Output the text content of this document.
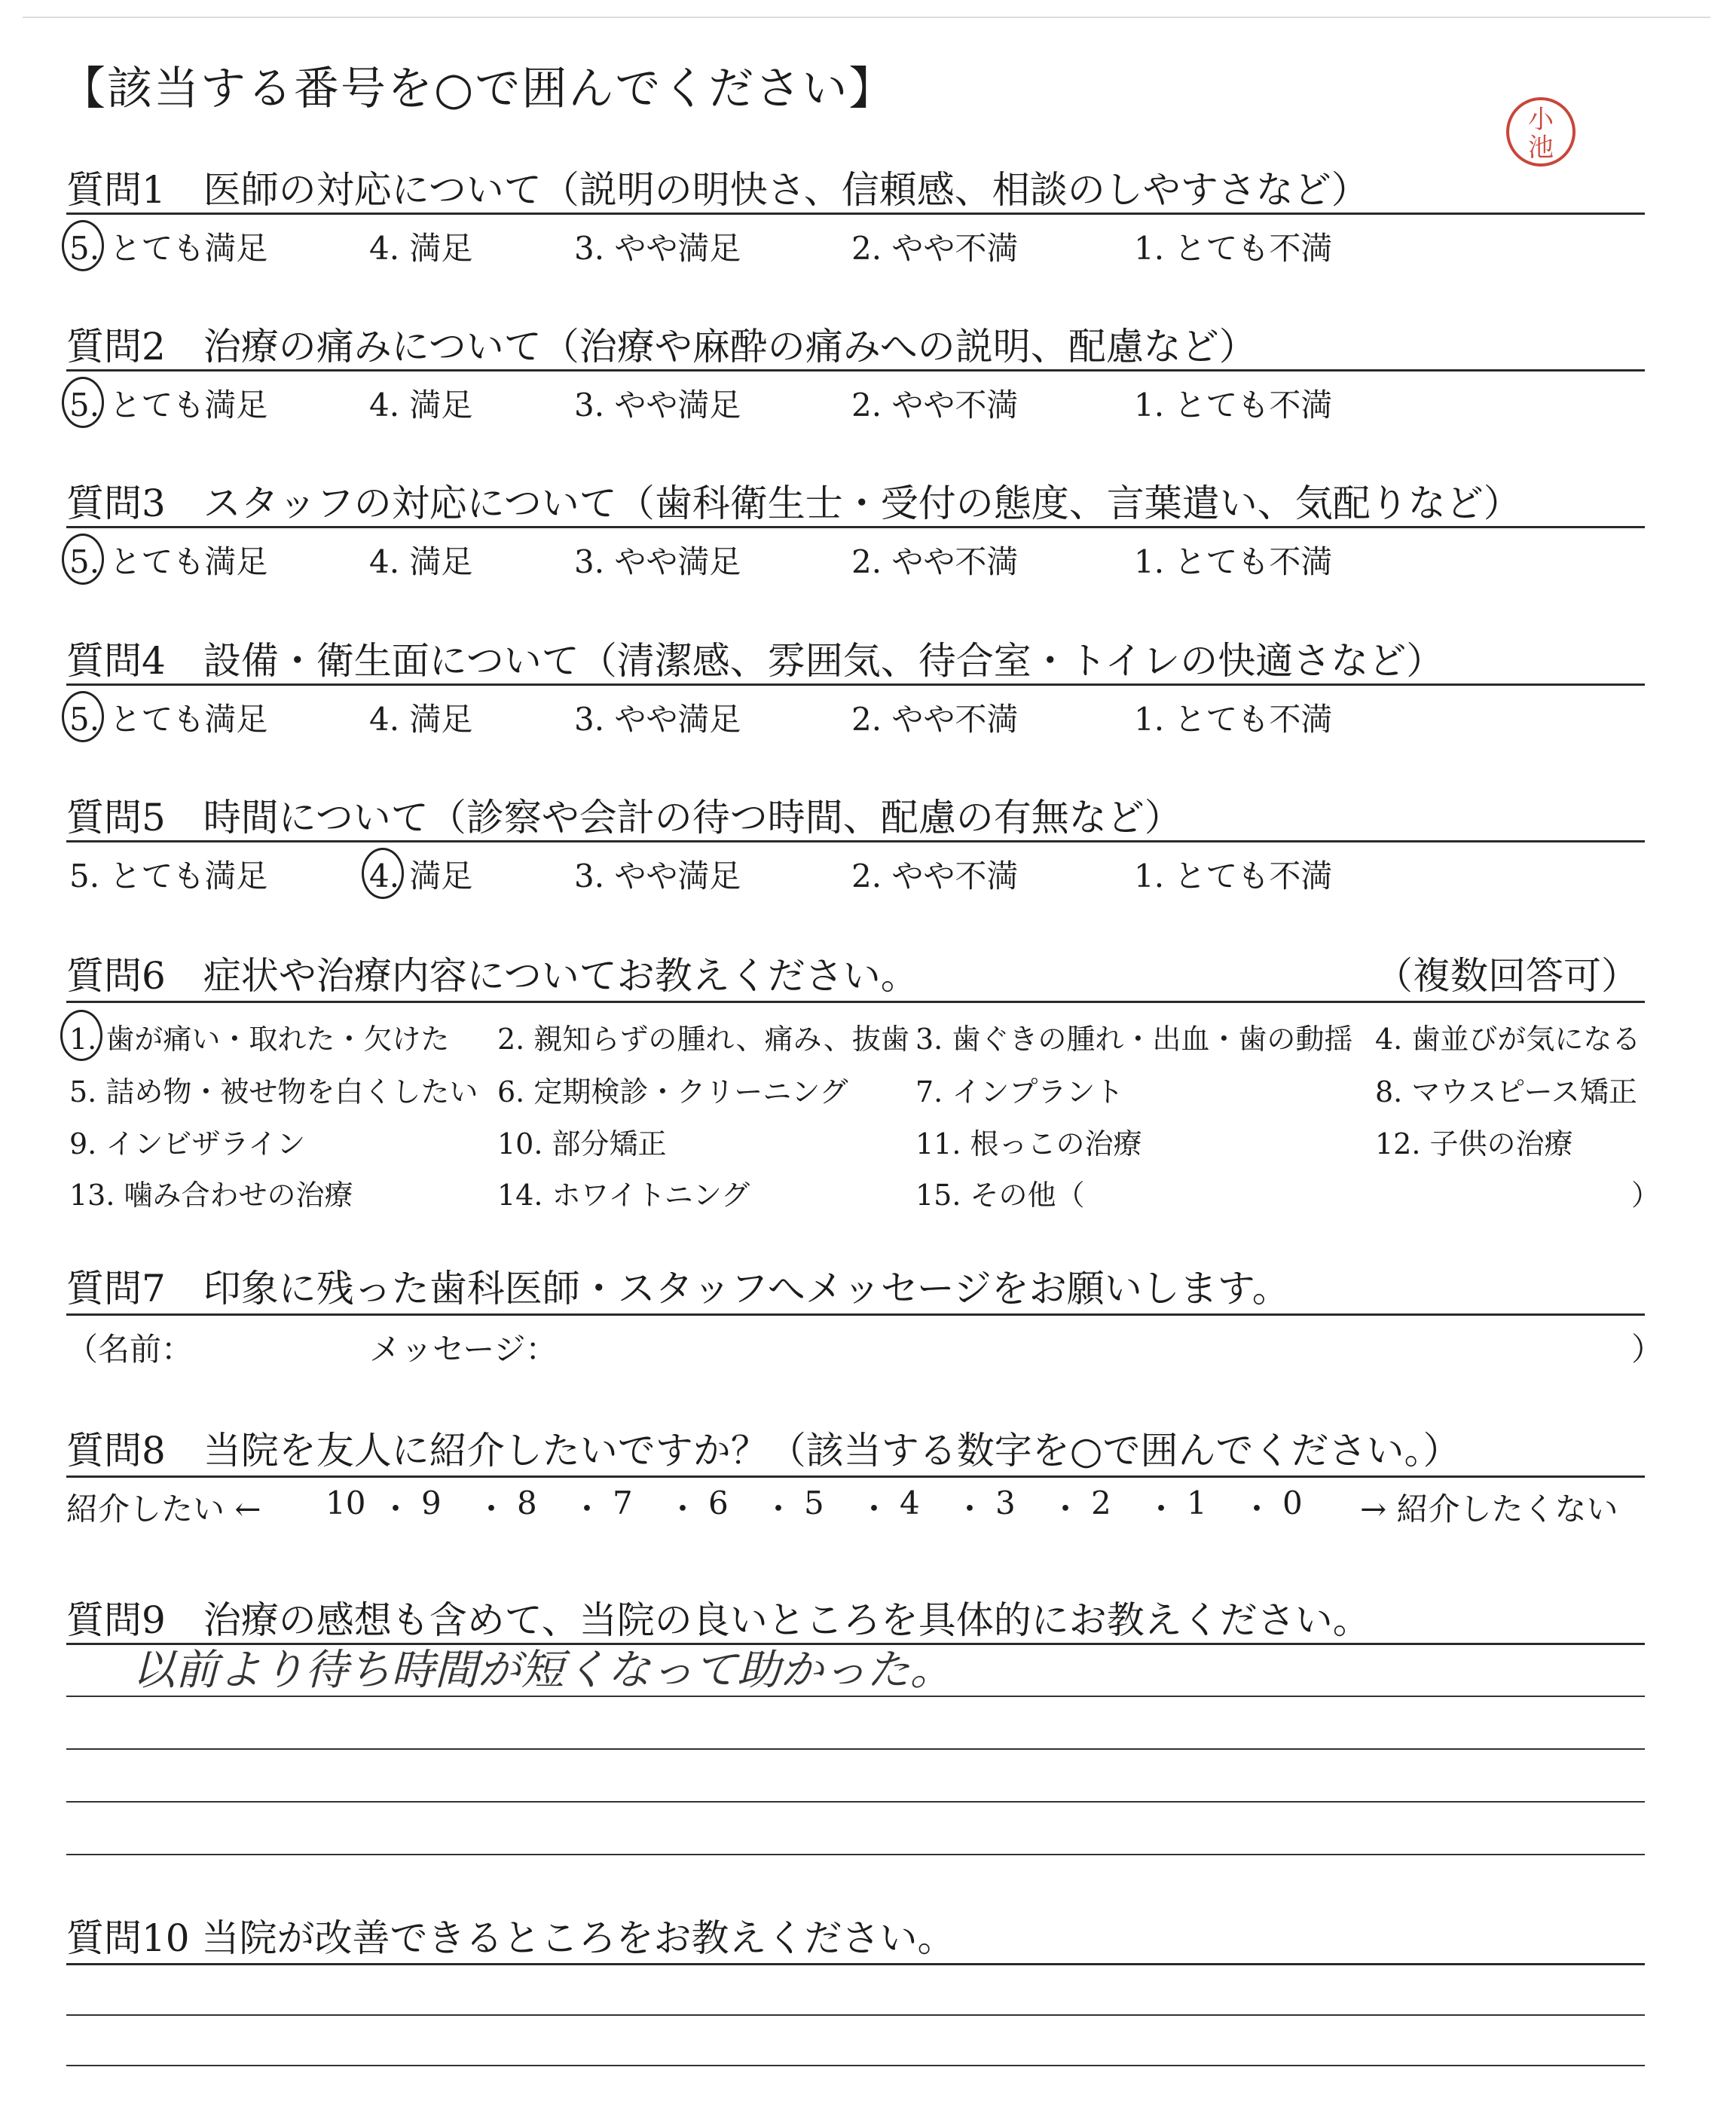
【該当する番号を○で囲んでください】
小
池
質問1　医師の対応について（説明の明快さ、信頼感、相談のしやすさなど）
5. とても満足	4. 満足	3. やや満足	2. やや不満	1. とても不満
質問2　治療の痛みについて（治療や麻酔の痛みへの説明、配慮など）
5. とても満足	4. 満足	3. やや満足	2. やや不満	1. とても不満
質問3　スタッフの対応について（歯科衛生士・受付の態度、言葉遣い、気配りなど）
5. とても満足	4. 満足	3. やや満足	2. やや不満	1. とても不満
質問4　設備・衛生面について（清潔感、雰囲気、待合室・トイレの快適さなど）
5. とても満足	4. 満足	3. やや満足	2. やや不満	1. とても不満
質問5　時間について（診察や会計の待つ時間、配慮の有無など）
5. とても満足	4. 満足	3. やや満足	2. やや不満	1. とても不満
質問6　症状や治療内容についてお教えください。	（複数回答可）
1. 歯が痛い・取れた・欠けた 2. 親知らずの腫れ、痛み、抜歯 3. 歯ぐきの腫れ・出血・歯の動揺 4. 歯並びが気になる
5. 詰め物・被せ物を白くしたい 6. 定期検診・クリーニング 7. インプラント	8. マウスピース矯正
9. インビザライン	10. 部分矯正	11. 根っこの治療	12. 子供の治療
13. 噛み合わせの治療	14. ホワイトニング	15. その他（	）
質問7　印象に残った歯科医師・スタッフへメッセージをお願いします。
（名前：	メッセージ：	）
質問8　当院を友人に紹介したいですか？（該当する数字を○で囲んでください。）
紹介したい ← 10 ・ 9 ・ 8 ・ 7 ・ 6 ・ 5 ・ 4 ・ 3 ・ 2 ・ 1 ・ 0 → 紹介したくない
質問9　治療の感想も含めて、当院の良いところを具体的にお教えください。
以前より待ち時間が短くなって助かった。
質問10 当院が改善できるところをお教えください。
